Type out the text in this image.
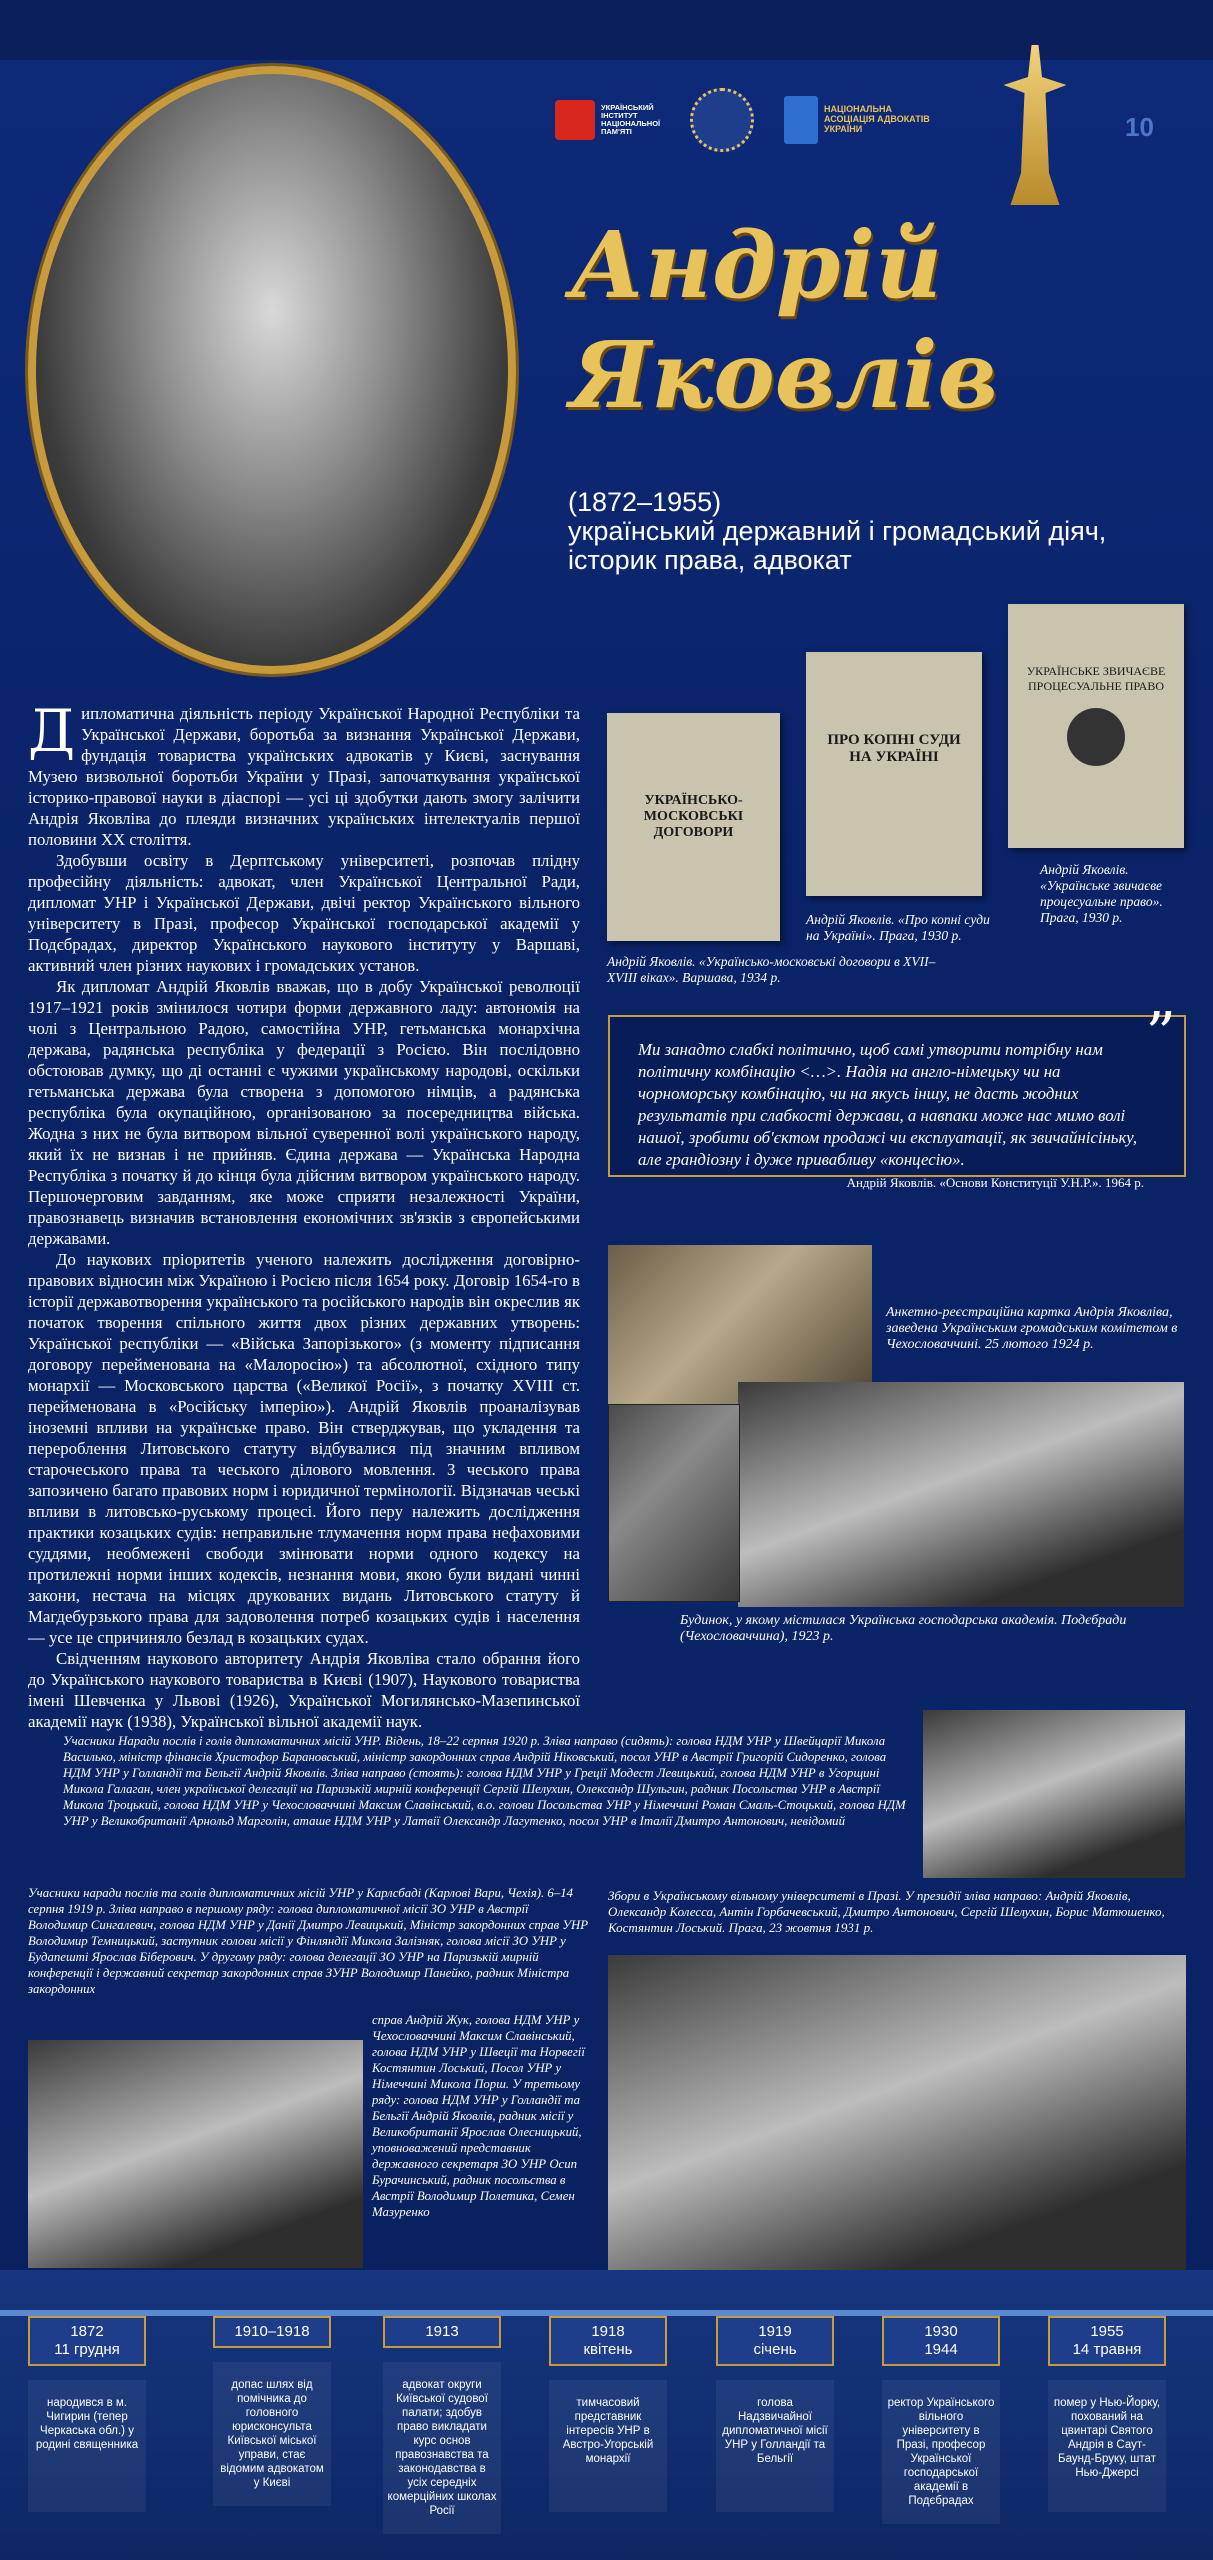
УКРАЇНСЬКИЙ ІНСТИТУТ НАЦІОНАЛЬНОЇ ПАМ'ЯТІ
НАЦІОНАЛЬНА АСОЦІАЦІЯ АДВОКАТІВ УКРАЇНИ	10
Андрій
Яковлів
(1872–1955)
український державний і громадський діяч,
історик права, адвокат

Дипломатична діяльність періоду Української Народної Республіки та Української Держави, боротьба за визнання Української Держави, фундація товариства українських адвокатів у Києві, заснування Музею визвольної боротьби України у Празі, започаткування української історико-правової науки в діаспорі — усі ці здобутки дають змогу залічити Андрія Яковліва до плеяди визначних українських інтелектуалів першої половини XX століття.

Здобувши освіту в Дерптському університеті, розпочав плідну професійну діяльність: адвокат, член Української Центральної Ради, дипломат УНР і Української Держави, двічі ректор Українського вільного університету в Празі, професор Української господарської академії у Подєбрадах, директор Українського наукового інституту у Варшаві, активний член різних наукових і громадських установ.

Як дипломат Андрій Яковлів вважав, що в добу Української революції 1917–1921 років змінилося чотири форми державного ладу: автономія на чолі з Центральною Радою, самостійна УНР, гетьманська монархічна держава, радянська республіка у федерації з Росією. Він послідовно обстоював думку, що ді останні є чужими українському народові, оскільки гетьманська держава була створена з допомогою німців, а радянська республіка була окупаційною, організованою за посередництва війська. Жодна з них не була витвором вільної суверенної волі українського народу, який їх не визнав і не прийняв. Єдина держава — Українська Народна Республіка з початку й до кінця була дійсним витвором українського народу. Першочерговим завданням, яке може сприяти незалежності України, правознавець визначив встановлення економічних зв'язків з європейськими державами.

До наукових пріоритетів ученого належить дослідження договірно-правових відносин між Україною і Росією після 1654 року. Договір 1654-го в історії державотворення українського та російського народів він окреслив як початок творення спільного життя двох різних державних утворень: Української республіки — «Війська Запорізького» (з моменту підписання договору перейменована на «Малоросію») та абсолютної, східного типу монархії — Московського царства («Великої Росії», з початку XVIII ст. перейменована в «Російську імперію»). Андрій Яковлів проаналізував іноземні впливи на українське право. Він стверджував, що укладення та перероблення Литовського статуту відбувалися під значним впливом старочеського права та чеського ділового мовлення. З чеського права запозичено багато правових норм і юридичної термінології. Відзначав чеські впливи в литовсько-руському процесі. Його перу належить дослідження практики козацьких судів: неправильне тлумачення норм права нефаховими суддями, необмежені свободи змінювати норми одного кодексу на протилежні норми інших кодексів, незнання мови, якою були видані чинні закони, нестача на місцях друкованих видань Литовського статуту й Магдебурзького права для задоволення потреб козацьких судів і населення — усе це спричиняло безлад в козацьких судах.

Свідченням наукового авторитету Андрія Яковліва стало обрання його до Українського наукового товариства в Києві (1907), Наукового товариства імені Шевченка у Львові (1926), Української Могилянсько-Мазепинської академії наук (1938), Української вільної академії наук.

УКРАЇНСЬКО-МОСКОВСЬКІ ДОГОВОРИ
ПРО КОПНІ СУДИ НА УКРАЇНІ
УКРАЇНСЬКЕ ЗВИЧАЄВЕ ПРОЦЕСУАЛЬНЕ ПРАВО
Андрій Яковлів. «Українсько-московські договори в XVII–XVIII віках». Варшава, 1934 р.
Андрій Яковлів. «Про копні суди на Україні». Прага, 1930 р.
Андрій Яковлів. «Українське звичаєве процесуальне право». Прага, 1930 р.
”
Ми занадто слабкі політично, щоб самі утворити потрібну нам політичну комбінацію <…>. Надія на англо-німецьку чи на чорноморську комбінацію, чи на якусь іншу, не дасть жодних результатів при слабкості держави, а навпаки може нас мимо волі нашої, зробити об'єктом продажі чи експлуатації, як звичайнісіньку, але грандіозну і дуже привабливу «концесію».
Андрій Яковлів. «Основи Конституції У.Н.Р.». 1964 р.
Анкетно-реєстраційна картка Андрія Яковліва, заведена Українським громадським комітетом в Чехословаччині. 25 лютого 1924 р.
Будинок, у якому містилася Українська господарська академія. Подєбради (Чехословаччина), 1923 р.
Учасники Наради послів і голів дипломатичних місій УНР. Відень, 18–22 серпня 1920 р. Зліва направо (сидять): голова НДМ УНР у Швейцарії Микола Василько, міністр фінансів Христофор Барановський, міністр закордонних справ Андрій Ніковський, посол УНР в Австрії Григорій Сидоренко, голова НДМ УНР у Голландії та Бельгії Андрій Яковлів. Зліва направо (стоять): голова НДМ УНР у Греції Модест Левицький, голова НДМ УНР в Угорщині Микола Галаган, член української делегації на Паризькій мирній конференції Сергій Шелухин, Олександр Шульгин, радник Посольства УНР в Австрії Микола Троцький, голова НДМ УНР у Чехословаччині Максим Славінський, в.о. голови Посольства УНР у Німеччині Роман Смаль-Стоцький, голова НДМ УНР у Великобританії Арнольд Марголін, аташе НДМ УНР у Латвії Олександр Лагутенко, посол УНР в Італії Дмитро Антонович, невідомий
Учасники наради послів та голів дипломатичних місій УНР у Карлсбаді (Карлові Вари, Чехія). 6–14 серпня 1919 р. Зліва направо в першому ряду: голова дипломатичної місії ЗО УНР в Австрії Володимир Сингалевич, голова НДМ УНР у Данії Дмитро Левицький, Міністр закордонних справ УНР Володимир Темницький, заступник голови місії у Фінляндії Микола Залізняк, голова місії ЗО УНР у Будапешті Ярослав Біберович. У другому ряду: голова делегації ЗО УНР на Паризькій мирній конференції і державний секретар закордонних справ ЗУНР Володимир Панейко, радник Міністра закордонних
справ Андрій Жук, голова НДМ УНР у Чехословаччині Максим Славінський, голова НДМ УНР у Швеції та Норвегії Костянтин Лоський, Посол УНР у Німеччині Микола Порш. У третьому ряду: голова НДМ УНР у Голландії та Бельгії Андрій Яковлів, радник місії у Великобританії Ярослав Олесницький, уповноважений представник державного секретаря ЗО УНР Осип Бурачинський, радник посольства в Австрії Володимир Полетика, Семен Мазуренко
Збори в Українському вільному університеті в Празі. У президії зліва направо: Андрій Яковлів, Олександр Колесса, Антін Горбачевський, Дмитро Антонович, Сергій Шелухин, Борис Матюшенко, Костянтин Лоський. Прага, 23 жовтня 1931 р.
1872
11 грудня
народився в м. Чигирин (тепер Черкаська обл.) у родині священника
1910–1918
допас шлях від помічника до головного юрисконсульта Київської міської управи, стає відомим адвокатом у Києві
1913
адвокат округи Київської судової палати; здобув право викладати курс основ правознавства та законодавства в усіх середніх комерційних школах Росії
1918
квітень
тимчасовий представник інтересів УНР в Австро-Угорській монархії
1919
січень
голова Надзвичайної дипломатичної місії УНР у Голландії та Бельгії
1930
1944
ректор Українського вільного університету в Празі, професор Української господарської академії в Подєбрадах
1955
14 травня
помер у Нью-Йорку, похований на цвинтарі Святого Андрія в Саут-Баунд-Бруку, штат Нью-Джерсі
